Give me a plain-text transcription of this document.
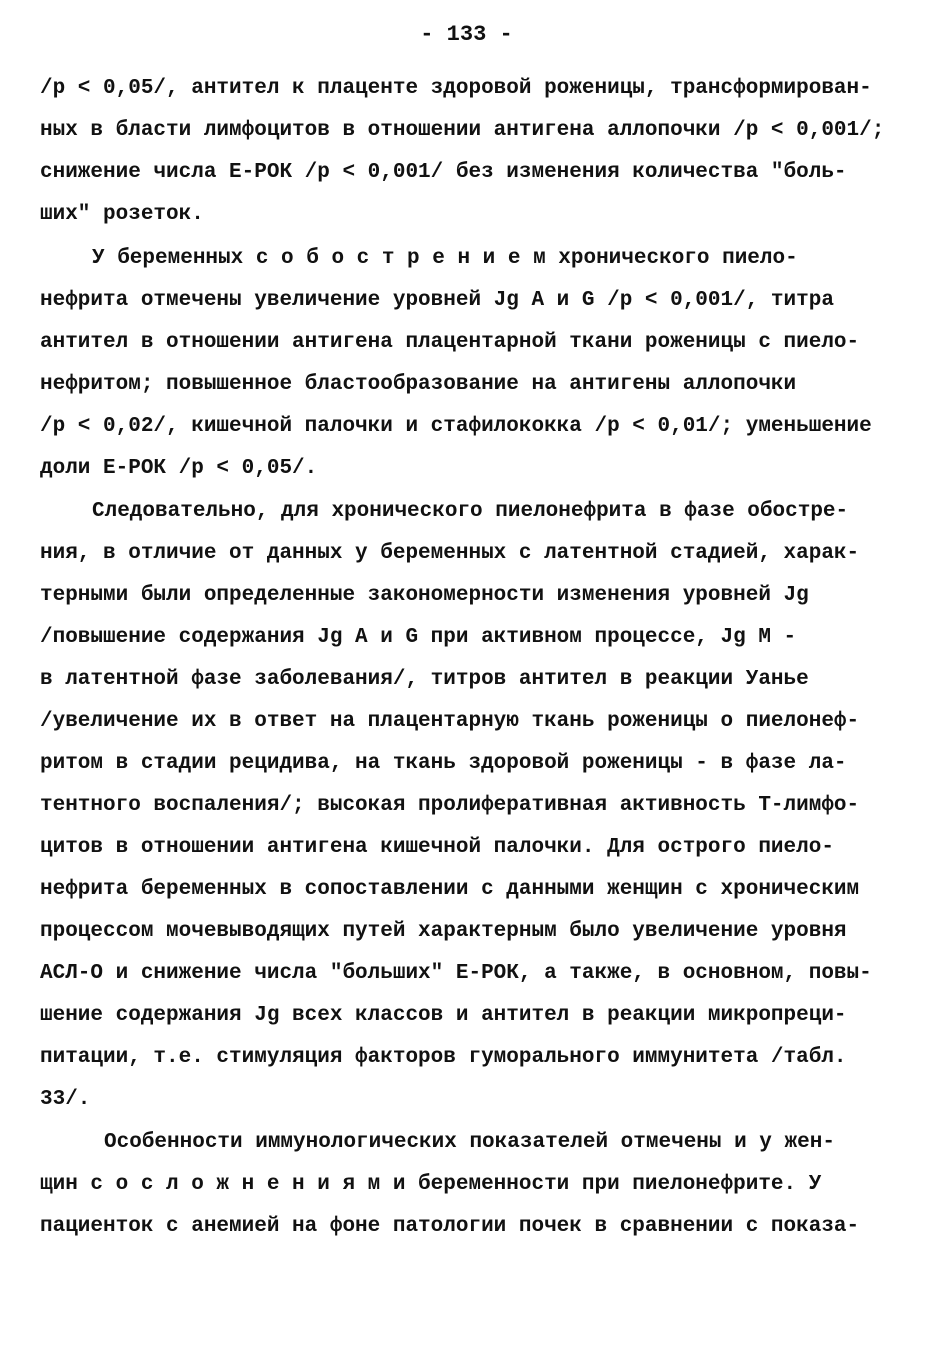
- 133 -
/р < 0,05/, антител к плаценте здоровой роженицы, трансформирован-
ных в бласти лимфоцитов в отношении антигена аллопочки /р < 0,001/;
снижение числа Е-РОК /р < 0,001/ без изменения количества "боль-
ших" розеток.
У беременных с о б о с т р е н и е м хронического пиело-
нефрита отмечены увеличение уровней Jg А и G /р < 0,001/, титра
антител в отношении антигена плацентарной ткани роженицы с пиело-
нефритом; повышенное бластообразование на антигены аллопочки
/р < 0,02/, кишечной палочки и стафилококка /р < 0,01/; уменьшение
доли Е-РОК /р < 0,05/.
Следовательно, для хронического пиелонефрита в фазе обостре-
ния, в отличие от данных у беременных с латентной стадией, харак-
терными были определенные закономерности изменения уровней Jg
/повышение содержания Jg А и G при активном процессе, Jg М -
в латентной фазе заболевания/, титров антител в реакции Уанье
/увеличение их в ответ на плацентарную ткань роженицы о пиелонеф-
ритом в стадии рецидива, на ткань здоровой роженицы - в фазе ла-
тентного воспаления/; высокая пролиферативная активность Т-лимфо-
цитов в отношении антигена кишечной палочки. Для острого пиело-
нефрита беременных в сопоставлении с данными женщин с хроническим
процессом мочевыводящих путей характерным было увеличение уровня
АСЛ-О и снижение числа "больших" Е-РОК, а также, в основном, повы-
шение содержания Jg всех классов и антител в реакции микропреци-
питации, т.е. стимуляция факторов гуморального иммунитета /табл.
33/.
Особенности иммунологических показателей отмечены и у жен-
щин с о с л о ж н е н и я м и беременности при пиелонефрите. У
пациенток с анемией на фоне патологии почек в сравнении с показа-
